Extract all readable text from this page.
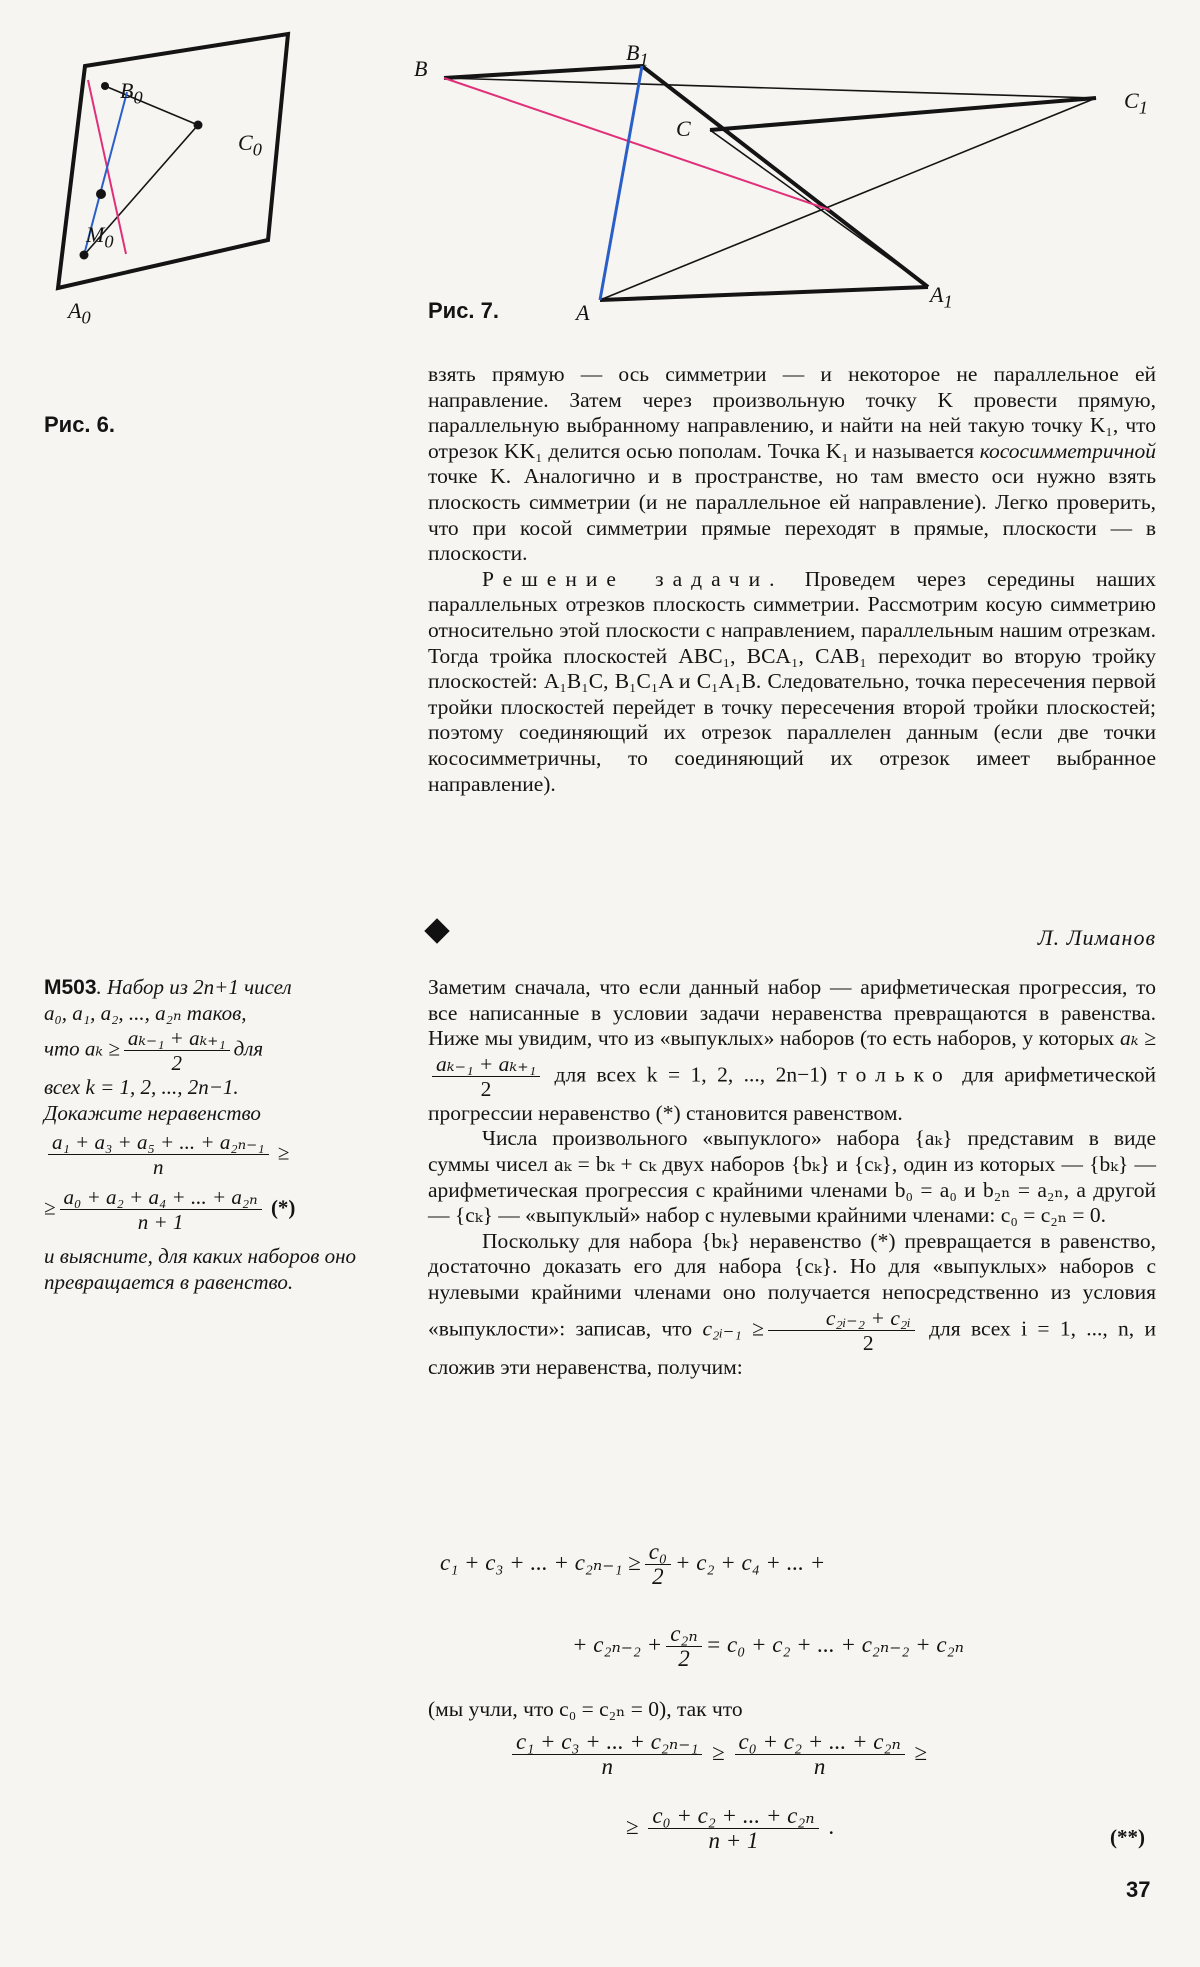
$B_0$
$C_0$
$M_0$
$A_0$
Рис. 6.
B
$B_1$
C
$C_1$
A
$A_1$
Рис. 7.

взять прямую — ось симметрии — и некоторое не параллельное ей направление. Затем через произвольную точку K провести прямую, параллельную выбранному направлению, и найти на ней такую точку K₁, что отрезок KK₁ делится осью пополам. Точка K₁ и называется кососимметричной точке K. Аналогично и в пространстве, но там вместо оси нужно взять плоскость симметрии (и не параллельное ей направление). Легко проверить, что при косой симметрии прямые переходят в прямые, плоскости — в плоскости.

Решение задачи. Проведем через середины наших параллельных отрезков плоскость симметрии. Рассмотрим косую симметрию относительно этой плоскости с направлением, параллельным нашим отрезкам. Тогда тройка плоскостей ABC₁, BCA₁, CAB₁ переходит во вторую тройку плоскостей: A₁B₁C, B₁C₁A и C₁A₁B. Следовательно, точка пересечения первой тройки плоскостей перейдет в точку пересечения второй тройки плоскостей; поэтому соединяющий их отрезок параллелен данным (если две точки кососимметричны, то соединяющий их отрезок имеет выбранное направление).

Л. Лиманов

М503. Набор из 2n+1 чисел

a₀, a₁, a₂, ..., a₂ₙ таков,

что $a_k \ge \frac{\text{aₖ₋₁ + aₖ₊₁}}{2}$ для

всех k = 1, 2, ..., 2n−1.

Докажите неравенство

$\frac{\text{a₁ + a₃ + a₅ + ... + a₂ₙ₋₁}}{n}$ ≥

≥ $\frac{\text{a₀ + a₂ + a₄ + ... + a₂ₙ}}{n + 1}$ (*)

и выясните, для каких наборов оно превращается в равенство.

Заметим сначала, что если данный набор — арифметическая прогрессия, то все написанные в условии задачи неравенства превращаются в равенства. Ниже мы увидим, что из «выпуклых» наборов (то есть наборов, у которых aₖ ≥
$\frac{\text{aₖ₋₁ + aₖ₊₁}}{2}$ для всех k = 1, 2, ..., 2n−1) только для арифметической прогрессии неравенство (*) становится равенством.

Числа произвольного «выпуклого» набора {aₖ} представим в виде суммы чисел aₖ = bₖ + cₖ двух наборов {bₖ} и {cₖ}, один из которых — {bₖ} — арифметическая прогрессия с крайними членами b₀ = a₀ и b₂ₙ = a₂ₙ, а другой — {cₖ} — «выпуклый» набор с нулевыми крайними членами: c₀ = c₂ₙ = 0.

Поскольку для набора {bₖ} неравенство (*) превращается в равенство, достаточно доказать его для набора {cₖ}. Но для «выпуклых» наборов с нулевыми крайними членами оно получается непосредственно из условия «выпуклости»: записав, что c₂ᵢ₋₁ ≥ $\frac{\text{c₂ᵢ₋₂ + c₂ᵢ}}{2}$ для всех i = 1, ..., n, и сложив эти неравенства, получим:

c₁ + c₃ + ... + $c_{2n-1} \ge \frac{\text{c₀}}{2} + c_2 + c_4$ + ... +
+ $c_{2n-2} + \frac{\text{c₂ₙ}}{2} = c_0 + c_2$ + ... + c₂ₙ₋₂ + c₂ₙ
(мы учли, что c₀ = c₂ₙ = 0), так что
$\frac{\text{c₁ + c₃ + ... + c₂ₙ₋₁}}{n} \ge \frac{\text{c₀ + c₂ + ... + c₂ₙ}}{n}$ ≥
≥ $\frac{\text{c₀ + c₂ + ... + c₂ₙ}}{n + 1}$ .	(**)
37
